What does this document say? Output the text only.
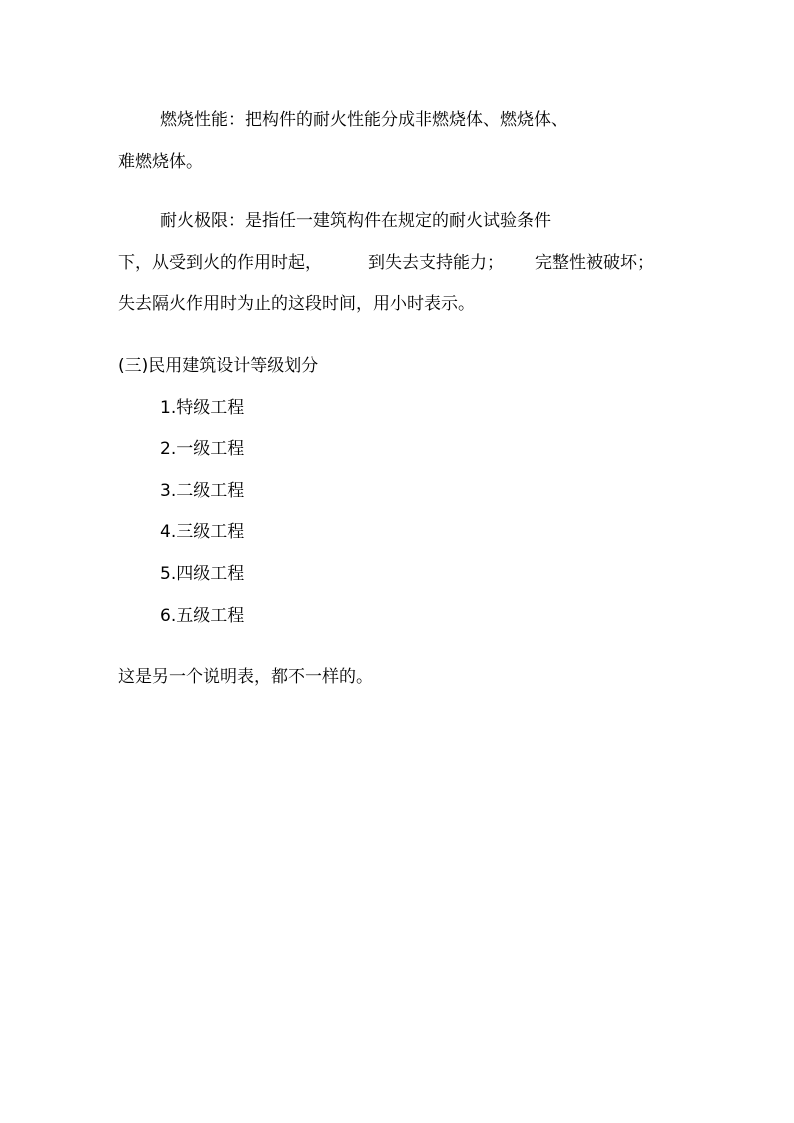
燃烧性能：把构件的耐火性能分成非燃烧体、燃烧体、
难燃烧体。
耐火极限：是指任一建筑构件在规定的耐火试验条件
下，从受到火的作用时起，	到失去支持能力； 完整性被破坏；
失去隔火作用时为止的这段时间，用小时表示。
(三)民用建筑设计等级划分
1.特级工程
2.一级工程
3.二级工程
4.三级工程
5.四级工程
6.五级工程
这是另一个说明表，都不一样的。
